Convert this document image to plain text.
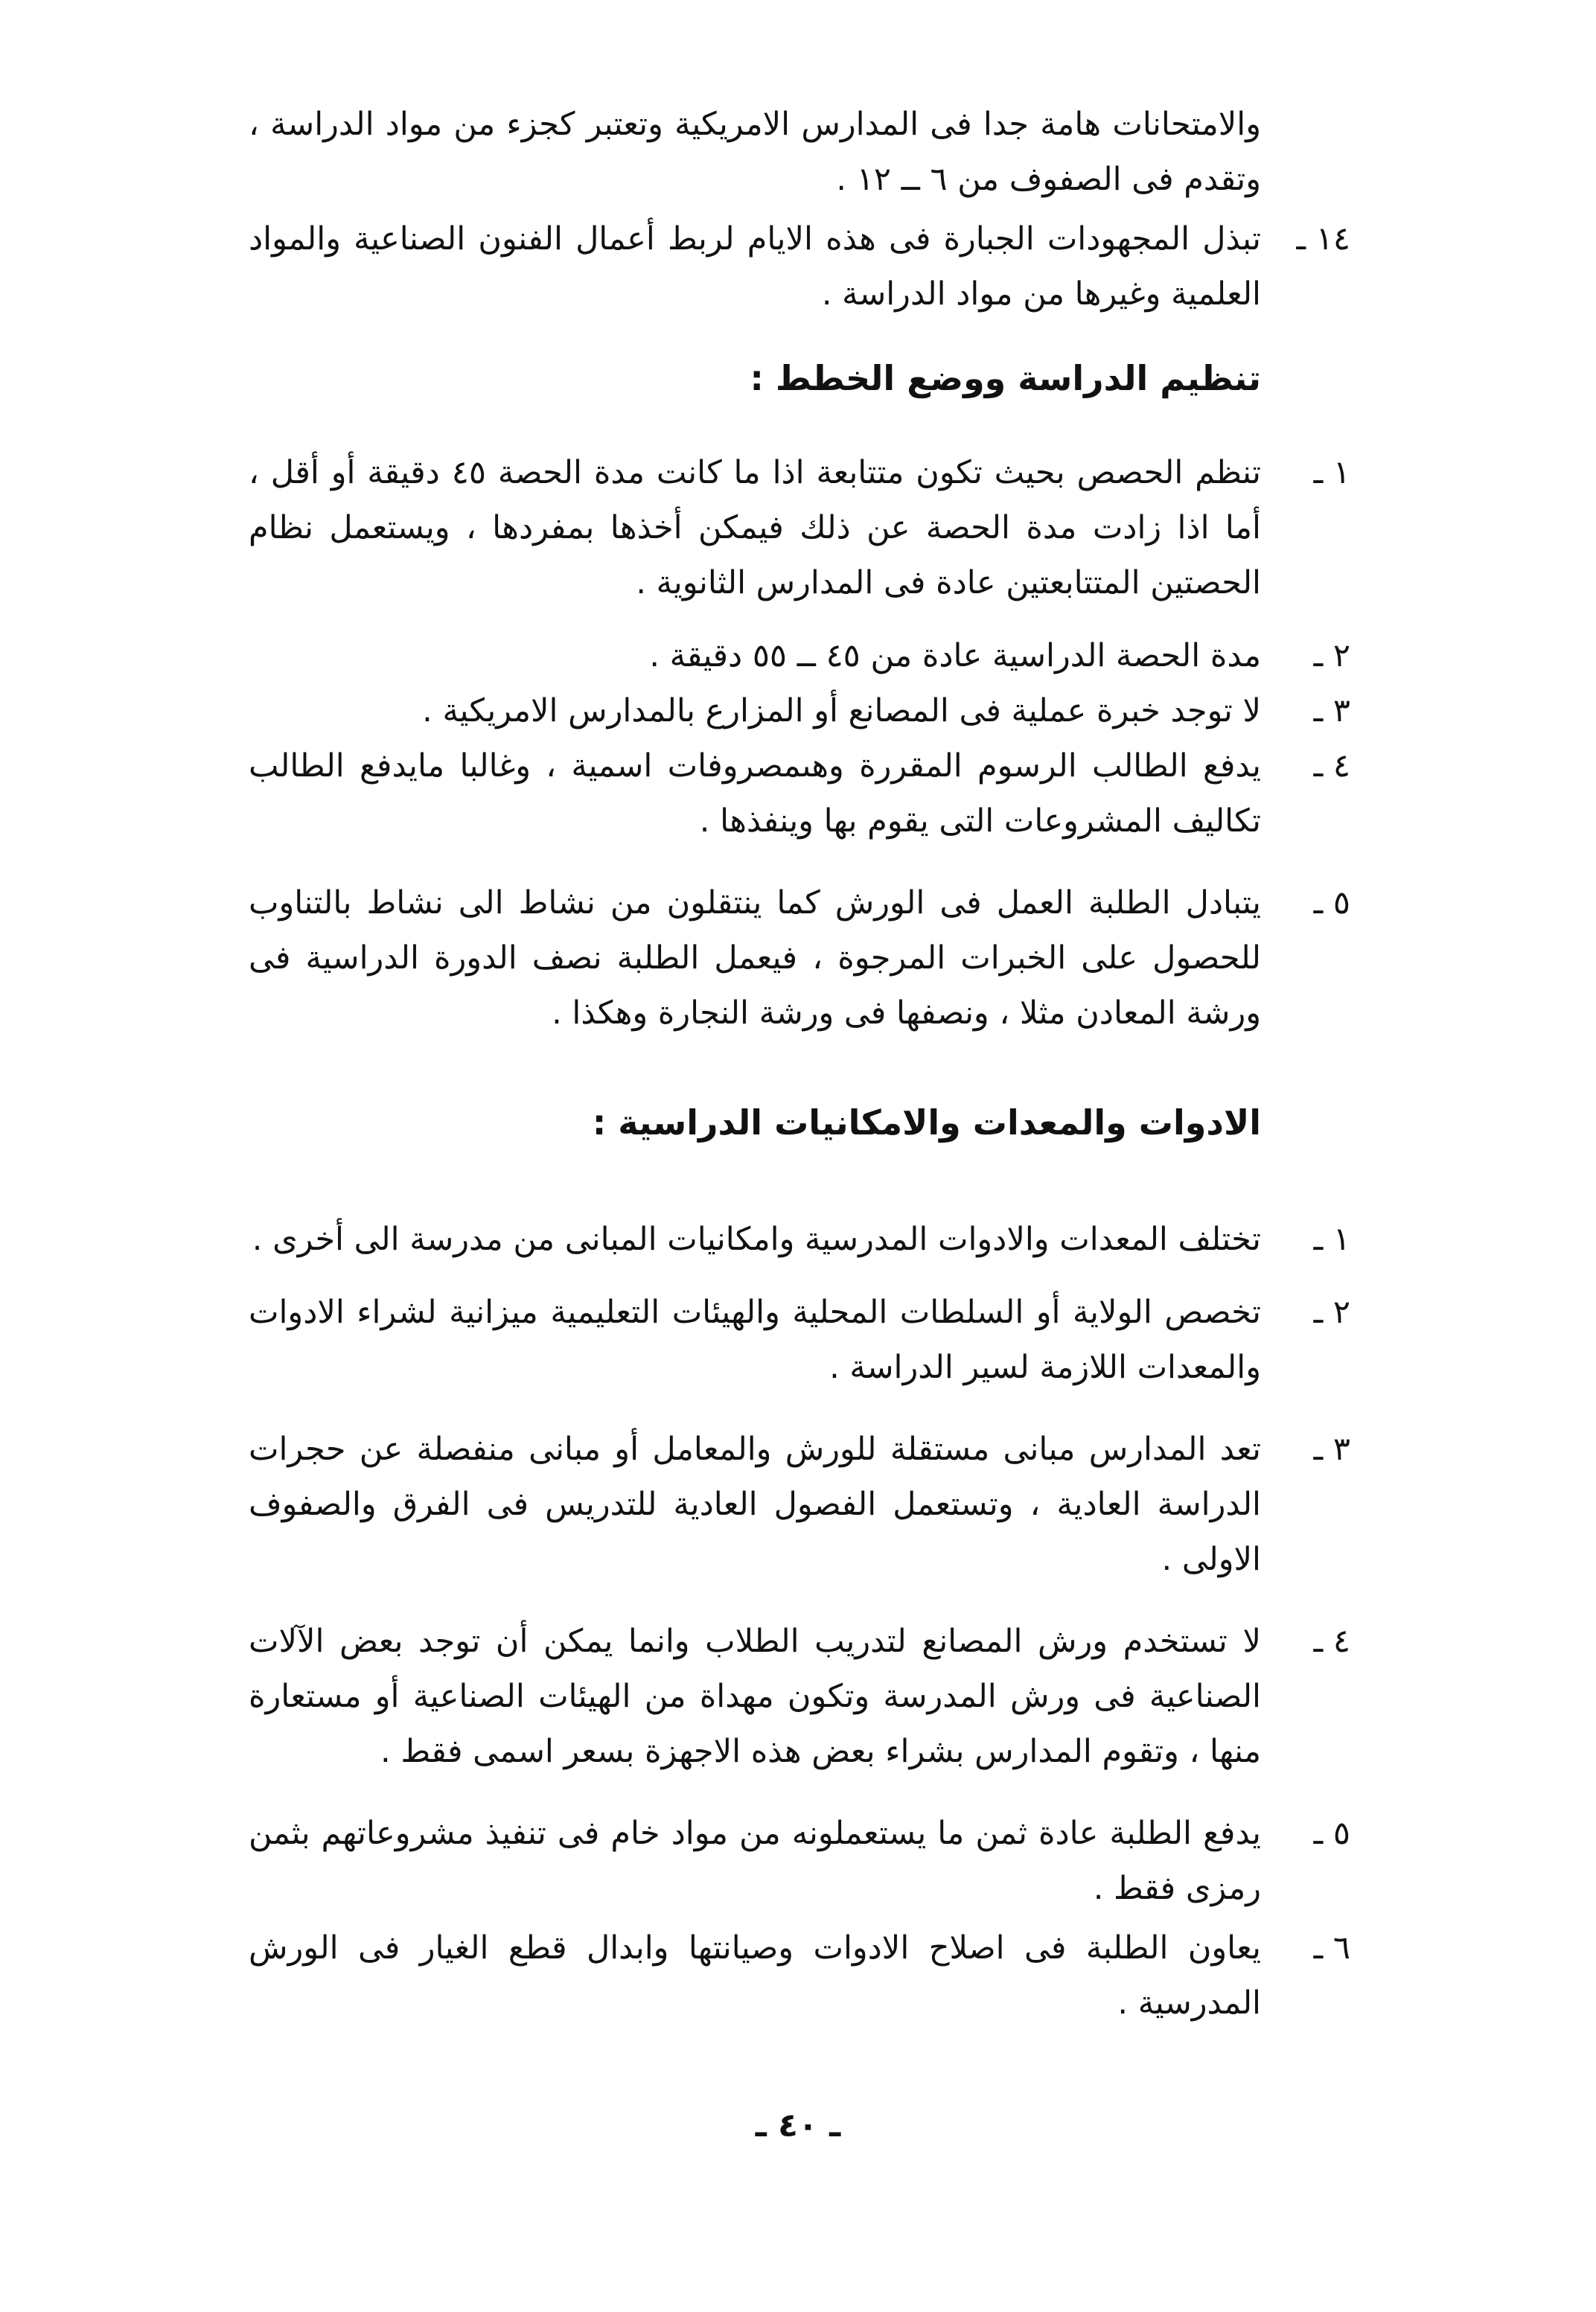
والامتحانات هامة جدا فى المدارس الامريكية وتعتبر كجزء من مواد الدراسة ، وتقدم فى الصفوف من ٦ ــ ١٢ .
١٤ ـ
تبذل المجهودات الجبارة فى هذه الايام لربط أعمال الفنون الصناعية والمواد العلمية وغيرها من مواد الدراسة .
تنظيم الدراسة ووضع الخطط :
١ ـ
تنظم الحصص بحيث تكون متتابعة اذا ما كانت مدة الحصة ٤٥ دقيقة أو أقل ، أما اذا زادت مدة الحصة عن ذلك فيمكن أخذها بمفردها ، ويستعمل نظام الحصتين المتتابعتين عادة فى المدارس الثانوية .
٢ ـ
مدة الحصة الدراسية عادة من ٤٥ ــ ٥٥ دقيقة .
٣ ـ
لا توجد خبرة عملية فى المصانع أو المزارع بالمدارس الامريكية .
٤ ـ
يدفع الطالب الرسوم المقررة وهىمصروفات اسمية ، وغالبا مايدفع الطالب تكاليف المشروعات التى يقوم بها وينفذها .
٥ ـ
يتبادل الطلبة العمل فى الورش كما ينتقلون من نشاط الى نشاط بالتناوب للحصول على الخبرات المرجوة ، فيعمل الطلبة نصف الدورة الدراسية فى ورشة المعادن مثلا ، ونصفها فى ورشة النجارة وهكذا .
الادوات والمعدات والامكانيات الدراسية :
١ ـ
تختلف المعدات والادوات المدرسية وامكانيات المبانى من مدرسة الى أخرى .
٢ ـ
تخصص الولاية أو السلطات المحلية والهيئات التعليمية ميزانية لشراء الادوات والمعدات اللازمة لسير الدراسة .
٣ ـ
تعد المدارس مبانى مستقلة للورش والمعامل أو مبانى منفصلة عن حجرات الدراسة العادية ، وتستعمل الفصول العادية للتدريس فى الفرق والصفوف الاولى .
٤ ـ
لا تستخدم ورش المصانع لتدريب الطلاب وانما يمكن أن توجد بعض الآلات الصناعية فى ورش المدرسة وتكون مهداة من الهيئات الصناعية أو مستعارة منها ، وتقوم المدارس بشراء بعض هذه الاجهزة بسعر اسمى فقط .
٥ ـ
يدفع الطلبة عادة ثمن ما يستعملونه من مواد خام فى تنفيذ مشروعاتهم بثمن رمزى فقط .
٦ ـ
يعاون الطلبة فى اصلاح الادوات وصيانتها وابدال قطع الغيار فى الورش المدرسية .
ـ ٤٠ ـ
